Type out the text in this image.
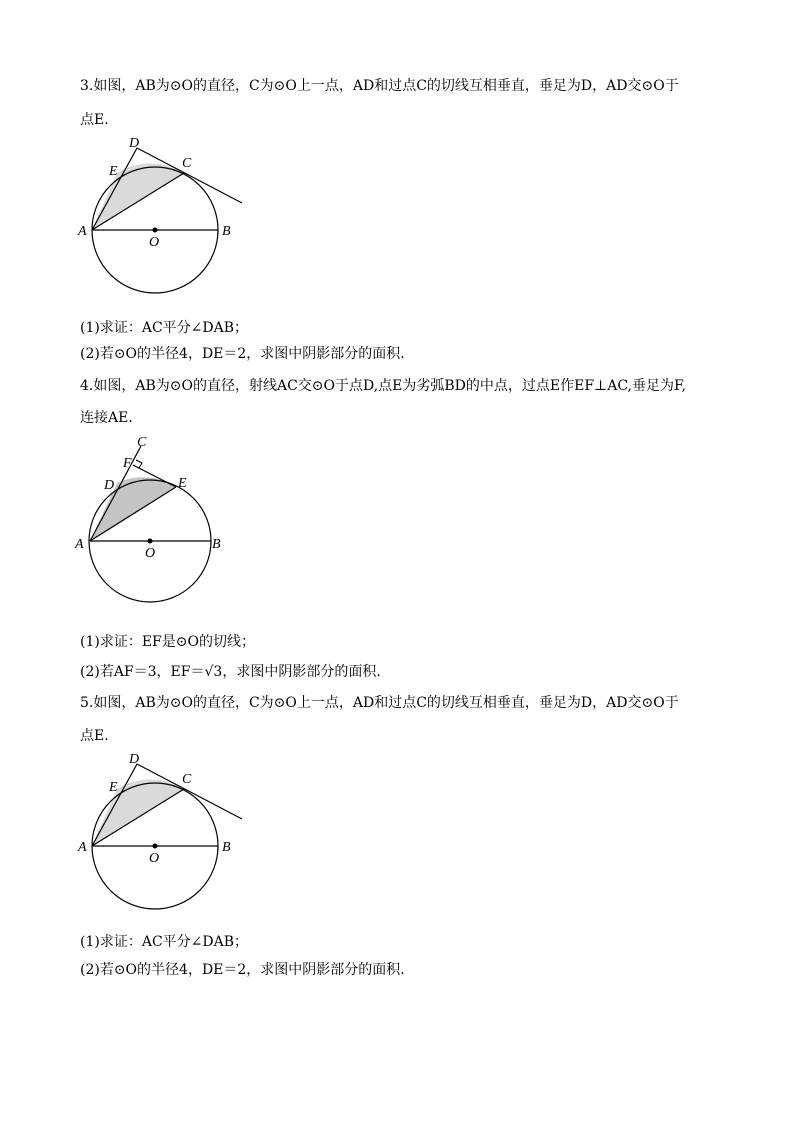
3.如图，AB为⊙O的直径，C为⊙O上一点，AD和过点C的切线互相垂直，垂足为D，AD交⊙O于
点E.
A	B
C
D
E
O
(1)求证：AC平分∠DAB；
(2)若⊙O的半径4，DE＝2，求图中阴影部分的面积.
4.如图，AB为⊙O的直径，射线AC交⊙O于点D,点E为劣弧BD的中点，过点E作EF⊥AC,垂足为F,
连接AE.
A	B
C
D	E
F
O
(1)求证：EF是⊙O的切线；
(2)若AF＝3，EF＝√3，求图中阴影部分的面积.
5.如图，AB为⊙O的直径，C为⊙O上一点，AD和过点C的切线互相垂直，垂足为D，AD交⊙O于
点E.
A	B
C
D
E
O
(1)求证：AC平分∠DAB；
(2)若⊙O的半径4，DE＝2，求图中阴影部分的面积.
